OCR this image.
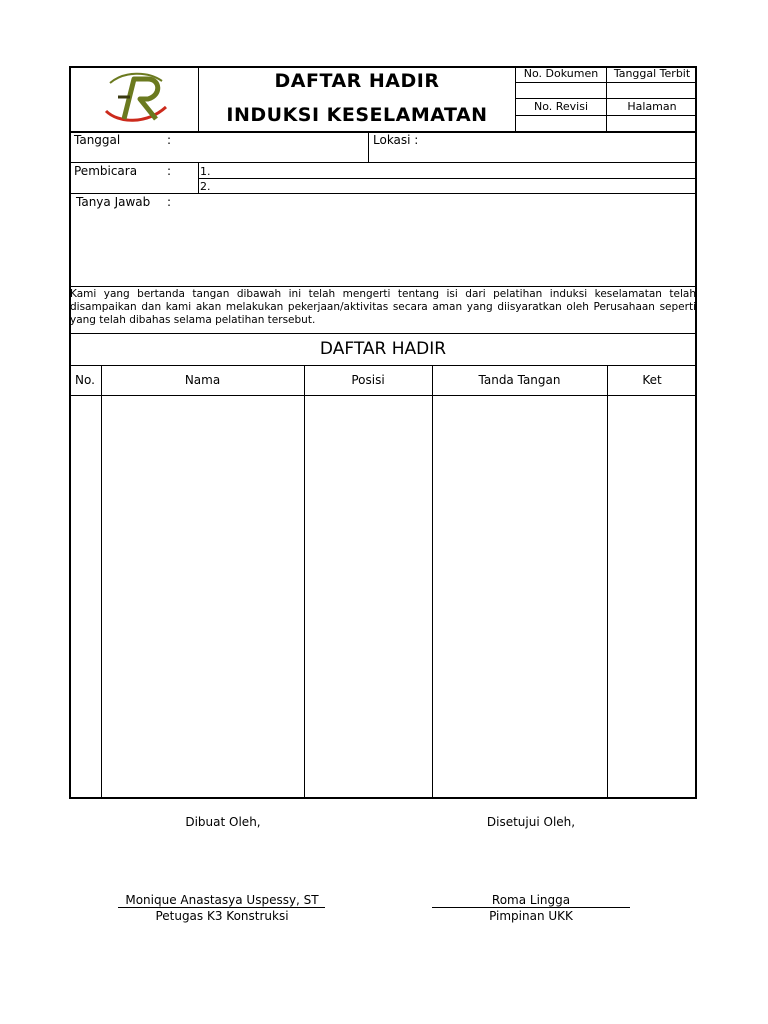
DAFTAR HADIR
INDUKSI KESELAMATAN
No. Dokumen	Tanggal Terbit
No. Revisi	Halaman
Tanggal	:	Lokasi :
Pembicara :	1.
2.
Tanya Jawab :
Kami yang bertanda tangan dibawah ini telah mengerti tentang isi dari pelatihan induksi keselamatan telah disampaikan dan kami akan melakukan pekerjaan/aktivitas secara aman yang diisyaratkan oleh Perusahaan seperti yang telah dibahas selama pelatihan tersebut.
DAFTAR HADIR
No.	Nama	Posisi	Tanda Tangan	Ket
Dibuat Oleh,	Disetujui Oleh,
Monique Anastasya Uspessy, ST
Petugas K3 Konstruksi
Roma Lingga
Pimpinan UKK
